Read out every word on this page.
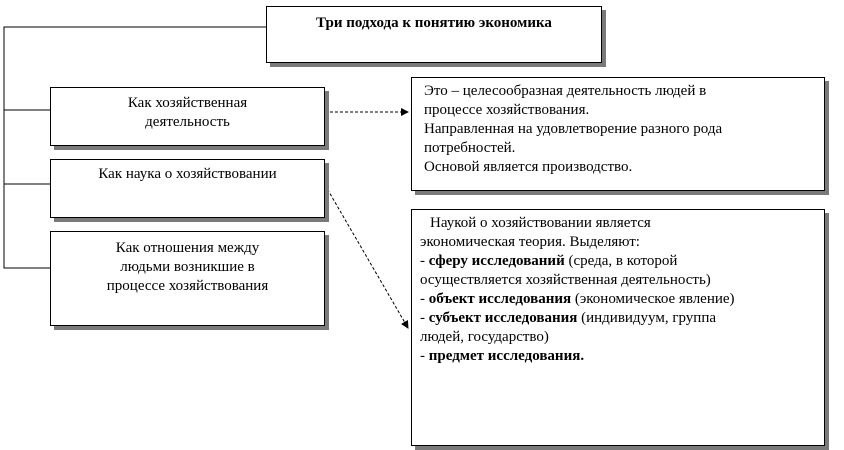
Три подхода к понятию экономика
Как хозяйственная
деятельность
Как наука о хозяйствовании
Как отношения между
людьми возникшие в
процессе хозяйствования
Это – целесообразная деятельность людей в
процессе хозяйствования.
Направленная на удовлетворение разного рода
потребностей.
Основой является производство.
Наукой о хозяйствовании является
экономическая теория. Выделяют:
- сферу исследований (среда, в которой
осуществляется хозяйственная деятельность)
- объект исследования (экономическое явление)
- субъект исследования (индивидуум, группа
людей, государство)
- предмет исследования.
